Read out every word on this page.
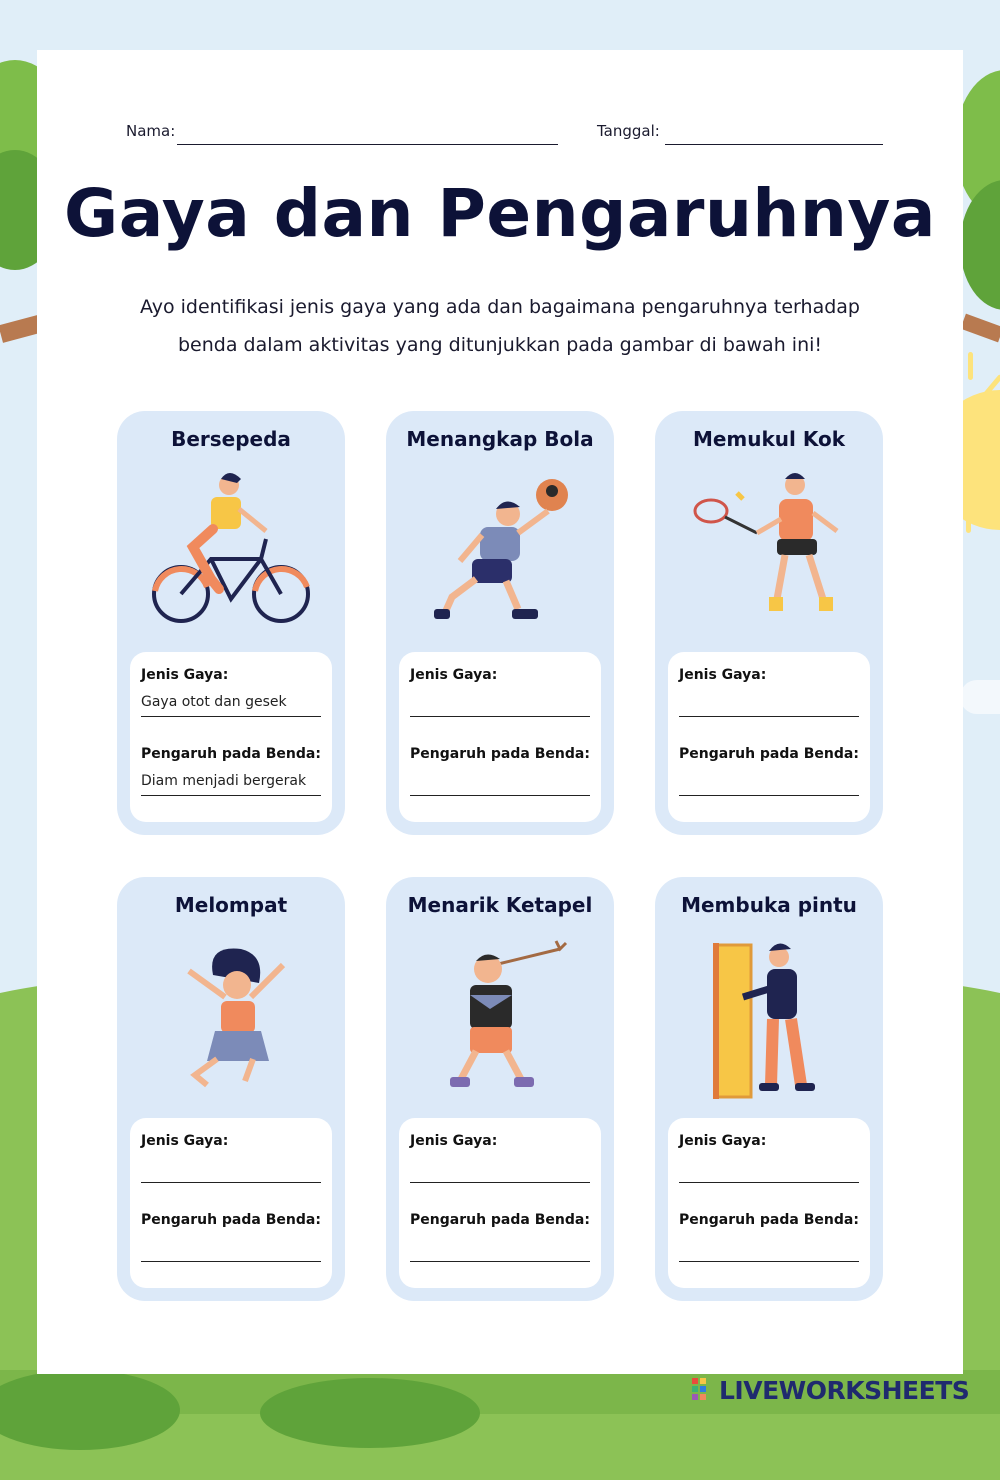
Nama:	Tanggal:
Gaya dan Pengaruhnya
Ayo identifikasi jenis gaya yang ada dan bagaimana pengaruhnya terhadap
benda dalam aktivitas yang ditunjukkan pada gambar di bawah ini!
Bersepeda
Jenis Gaya:
Gaya otot dan gesek
Pengaruh pada Benda:
Diam menjadi bergerak
Menangkap Bola
Jenis Gaya:
Pengaruh pada Benda:
Memukul Kok
Jenis Gaya:
Pengaruh pada Benda:
Melompat
Jenis Gaya:
Pengaruh pada Benda:
Menarik Ketapel
Jenis Gaya:
Pengaruh pada Benda:
Membuka pintu
Jenis Gaya:
Pengaruh pada Benda:
LIVEWORKSHEETS
